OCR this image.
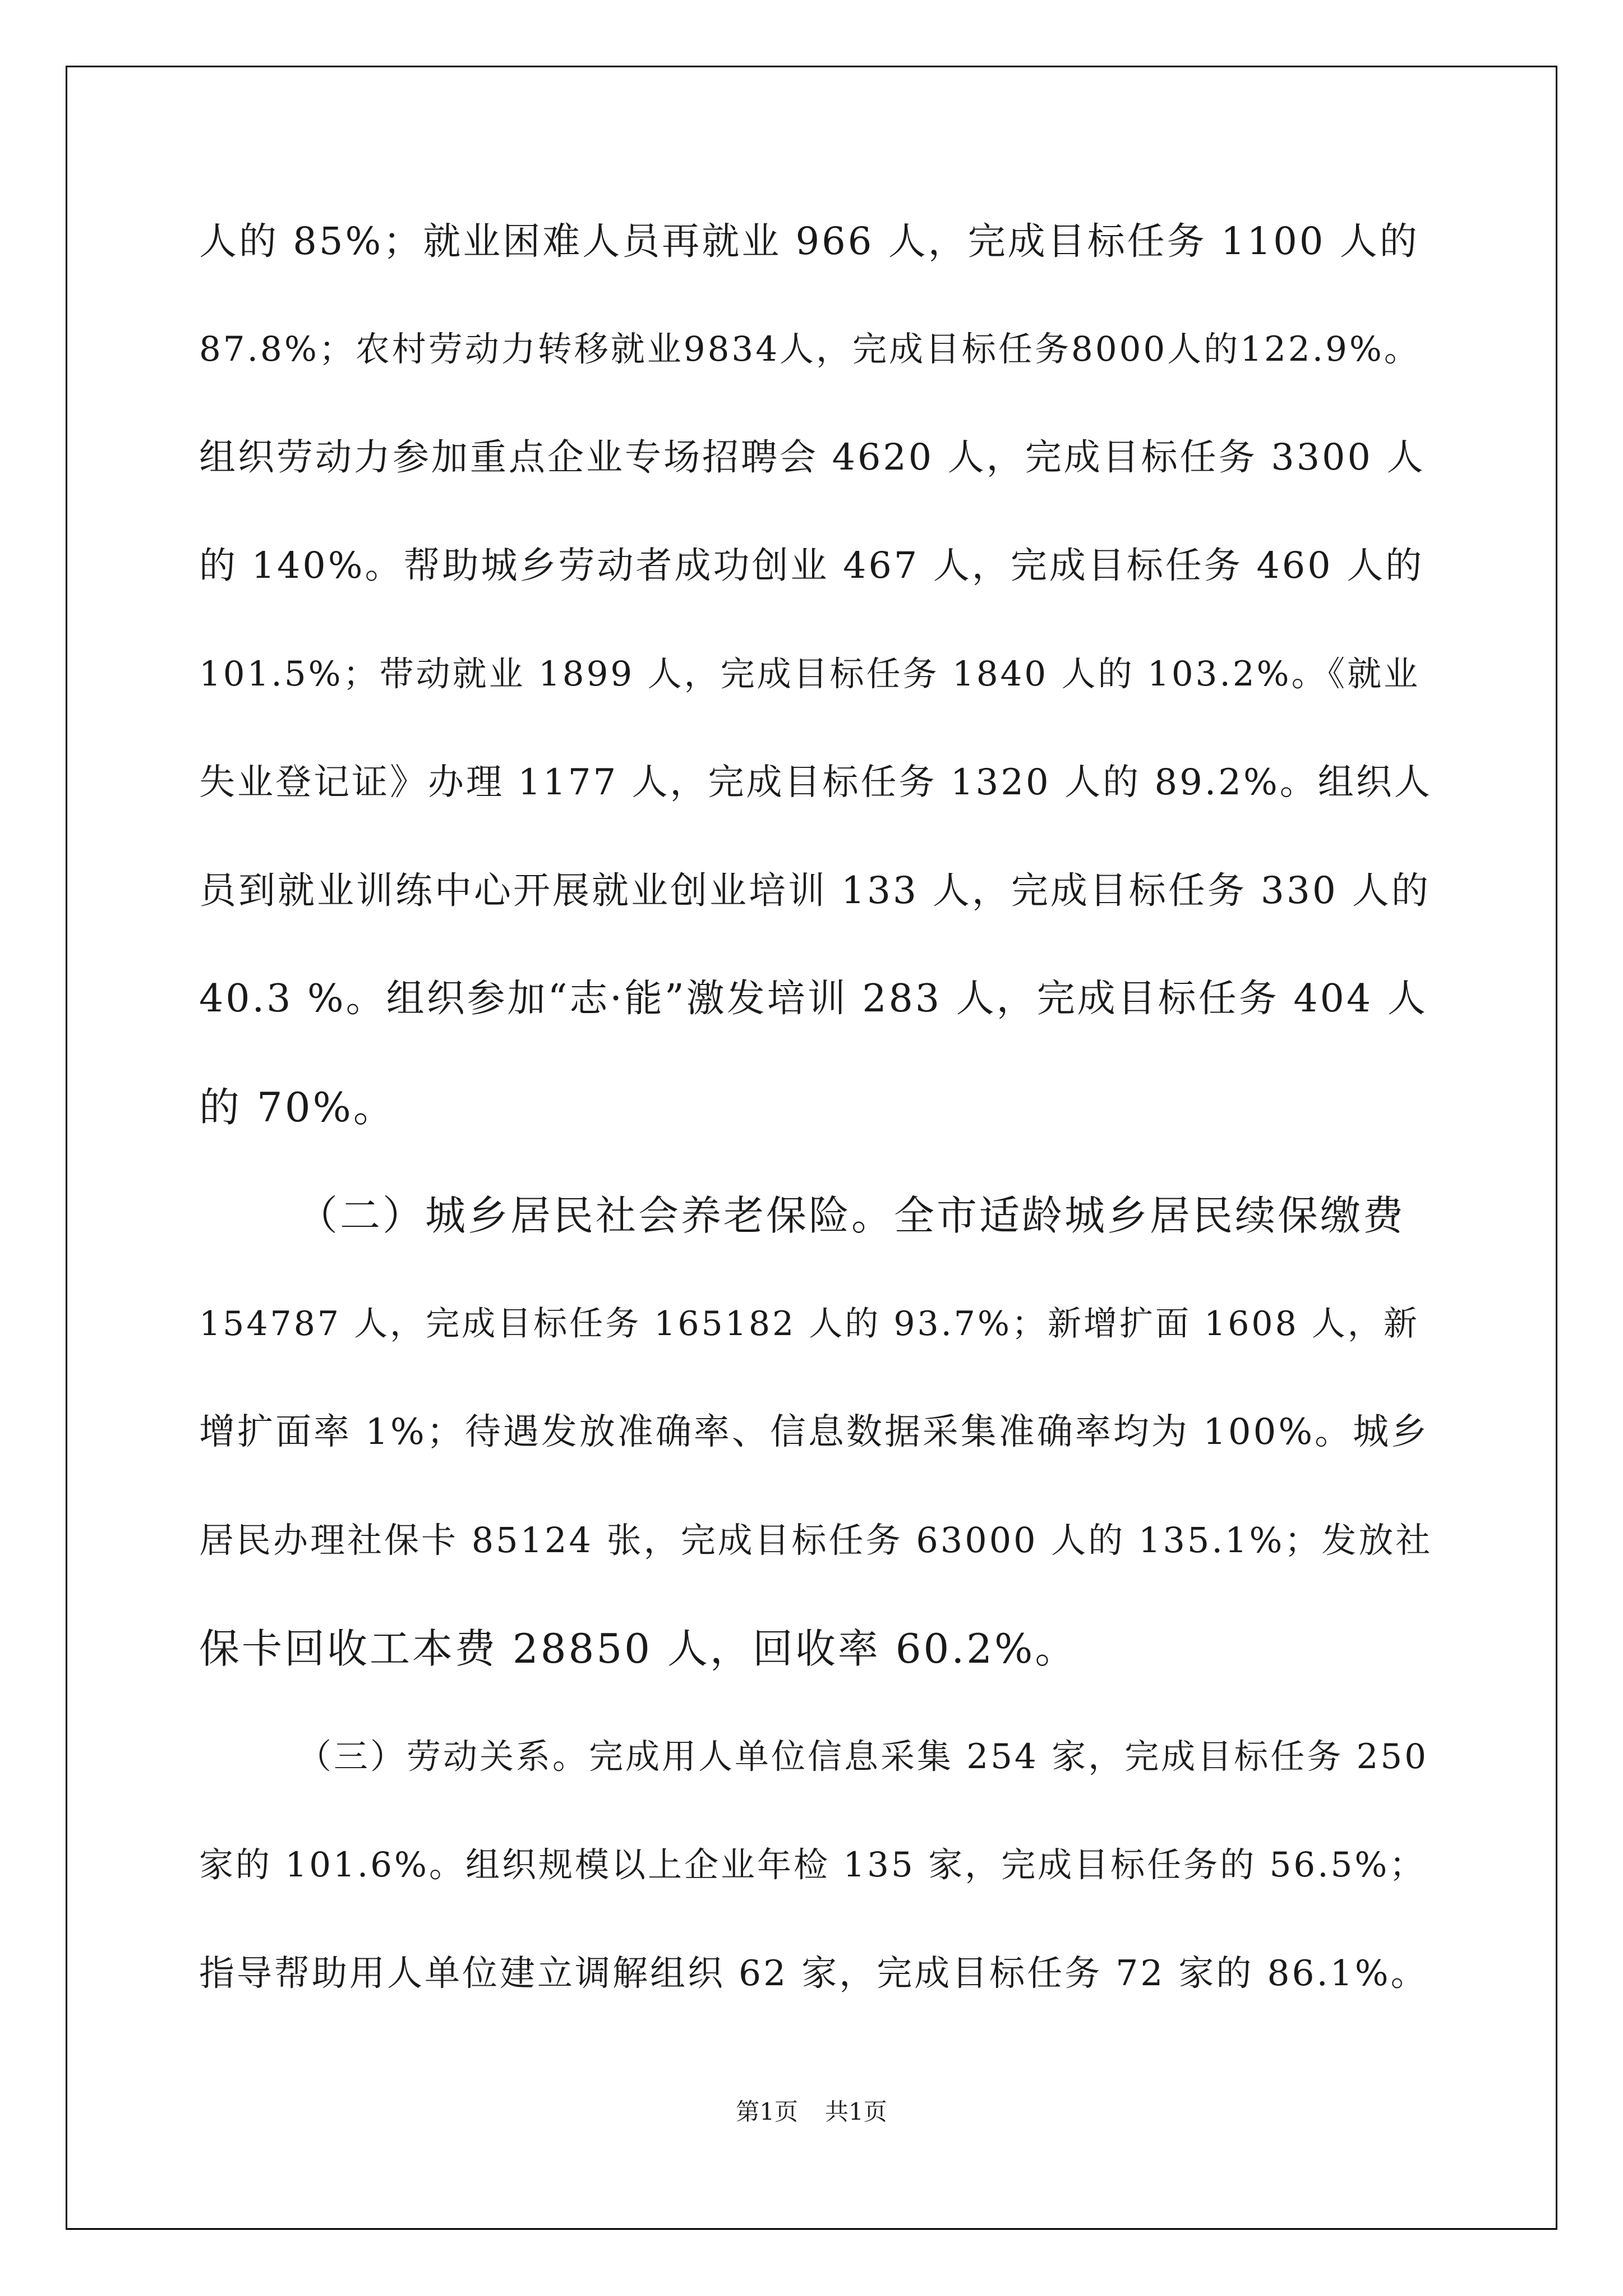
人的 85%；就业困难人员再就业 966 人，完成目标任务 1100 人的
87.8%；农村劳动力转移就业9834人，完成目标任务8000人的122.9%。
组织劳动力参加重点企业专场招聘会 4620 人，完成目标任务 3300 人
的 140%。帮助城乡劳动者成功创业 467 人，完成目标任务 460 人的
101.5%；带动就业 1899 人，完成目标任务 1840 人的 103.2%。《就业
失业登记证》办理 1177 人，完成目标任务 1320 人的 89.2%。组织人
员到就业训练中心开展就业创业培训 133 人，完成目标任务 330 人的
40.3 %。组织参加“志·能”激发培训 283 人，完成目标任务 404 人
的 70%。
（二）城乡居民社会养老保险。全市适龄城乡居民续保缴费
154787 人，完成目标任务 165182 人的 93.7%；新增扩面 1608 人，新
增扩面率 1%；待遇发放准确率、信息数据采集准确率均为 100%。城乡
居民办理社保卡 85124 张，完成目标任务 63000 人的 135.1%；发放社
保卡回收工本费 28850 人，回收率 60.2%。
（三）劳动关系。完成用人单位信息采集 254 家，完成目标任务 250
家的 101.6%。组织规模以上企业年检 135 家，完成目标任务的 56.5%；
指导帮助用人单位建立调解组织 62 家，完成目标任务 72 家的 86.1%。
第1页 共1页
